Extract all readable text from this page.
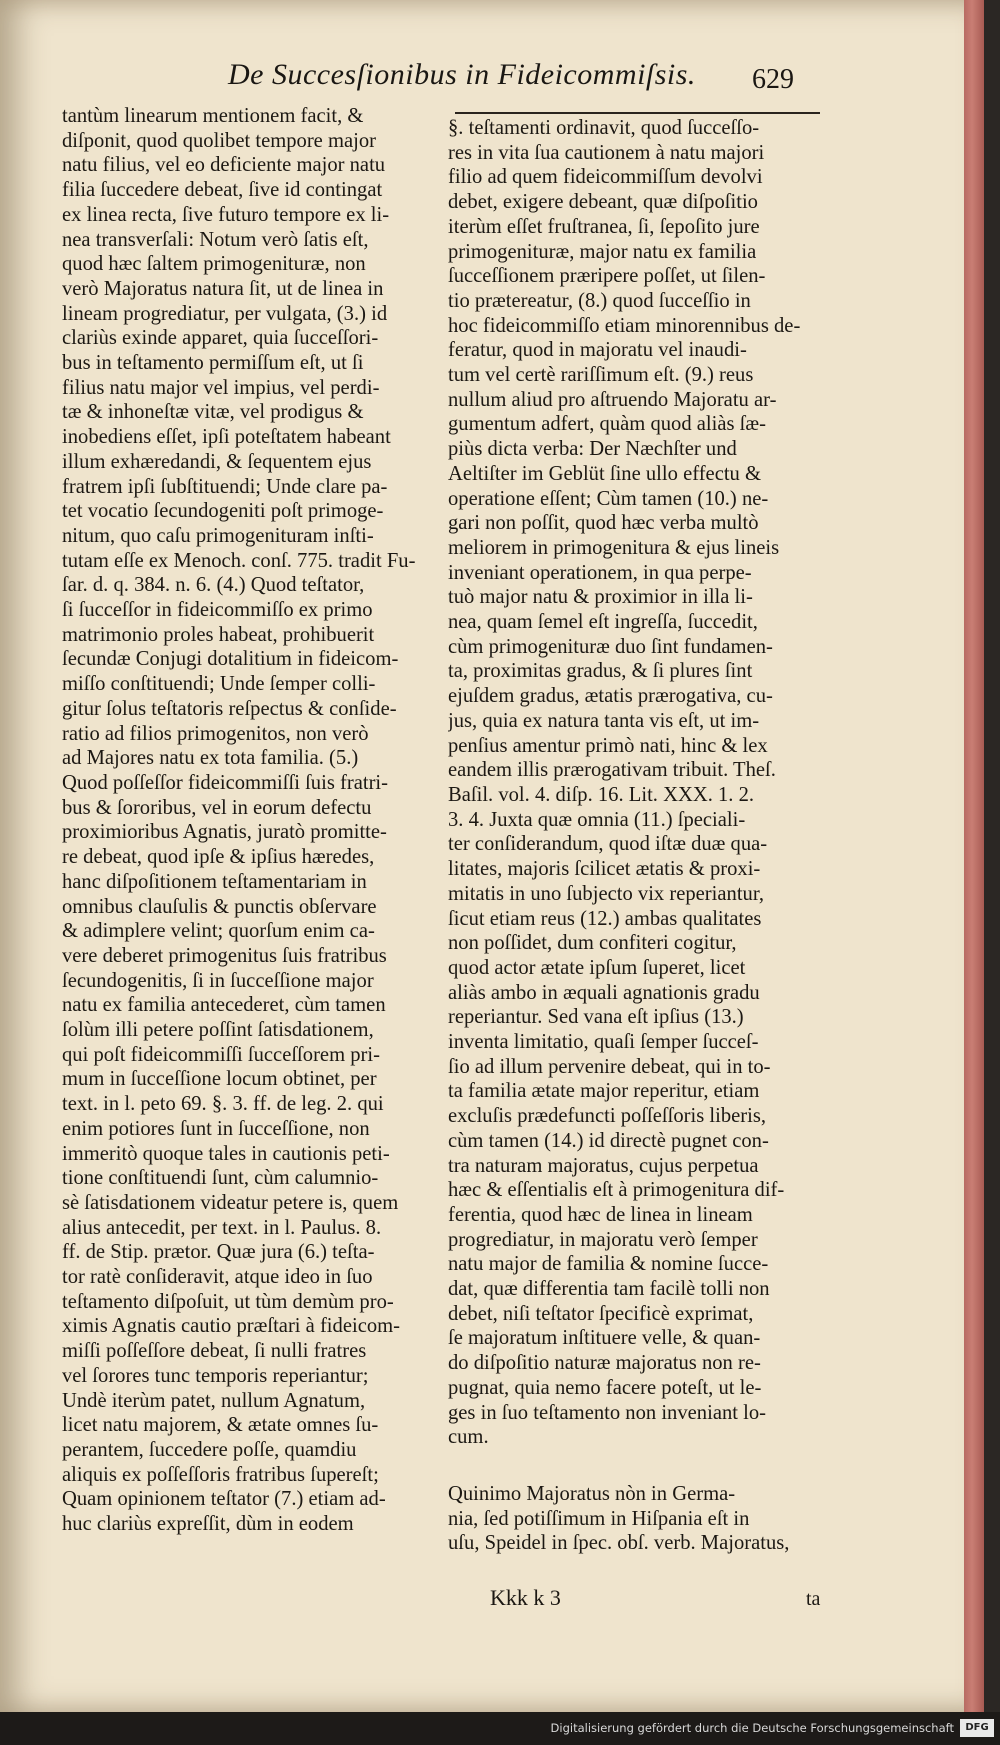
De Succesſionibus in Fideicommiſsis. 629
tantùm linearum mentionem facit, &
diſponit, quod quolibet tempore major
natu filius, vel eo deficiente major natu
filia ſuccedere debeat, ſive id contingat
ex linea recta, ſive futuro tempore ex li-
nea transverſali: Notum verò ſatis eſt,
quod hæc ſaltem primogenituræ, non
verò Majoratus natura ſit, ut de linea in
lineam progrediatur, per vulgata, (3.) id
clariùs exinde apparet, quia ſucceſſori-
bus in teſtamento permiſſum eſt, ut ſi
filius natu major vel impius, vel perdi-
tæ & inhoneſtæ vitæ, vel prodigus &
inobediens eſſet, ipſi poteſtatem habeant
illum exhæredandi, & ſequentem ejus
fratrem ipſi ſubſtituendi; Unde clare pa-
tet vocatio ſecundogeniti poſt primoge-
nitum, quo caſu primogenituram inſti-
tutam eſſe ex Menoch. conſ. 775. tradit Fu-
ſar. d. q. 384. n. 6. (4.) Quod teſtator,
ſi ſucceſſor in fideicommiſſo ex primo
matrimonio proles habeat, prohibuerit
ſecundæ Conjugi dotalitium in fideicom-
miſſo conſtituendi; Unde ſemper colli-
gitur ſolus teſtatoris reſpectus & conſide-
ratio ad filios primogenitos, non verò
ad Majores natu ex tota familia. (5.)
Quod poſſeſſor fideicommiſſi ſuis fratri-
bus & ſororibus, vel in eorum defectu
proximioribus Agnatis, juratò promitte-
re debeat, quod ipſe & ipſius hæredes,
hanc diſpoſitionem teſtamentariam in
omnibus clauſulis & punctis obſervare
& adimplere velint; quorſum enim ca-
vere deberet primogenitus ſuis fratribus
ſecundogenitis, ſi in ſucceſſione major
natu ex familia antecederet, cùm tamen
ſolùm illi petere poſſint ſatisdationem,
qui poſt fideicommiſſi ſucceſſorem pri-
mum in ſucceſſione locum obtinet, per
text. in l. peto 69. §. 3. ff. de leg. 2. qui
enim potiores ſunt in ſucceſſione, non
immeritò quoque tales in cautionis peti-
tione conſtituendi ſunt, cùm calumnio-
sè ſatisdationem videatur petere is, quem
alius antecedit, per text. in l. Paulus. 8.
ff. de Stip. prætor. Quæ jura (6.) teſta-
tor ratè conſideravit, atque ideo in ſuo
teſtamento diſpoſuit, ut tùm demùm pro-
ximis Agnatis cautio præſtari à fideicom-
miſſi poſſeſſore debeat, ſi nulli fratres
vel ſorores tunc temporis reperiantur;
Undè iterùm patet, nullum Agnatum,
licet natu majorem, & ætate omnes ſu-
perantem, ſuccedere poſſe, quamdiu
aliquis ex poſſeſſoris fratribus ſupereſt;
Quam opinionem teſtator (7.) etiam ad-
huc clariùs expreſſit, dùm in eodem
§. teſtamenti ordinavit, quod ſucceſſo-
res in vita ſua cautionem à natu majori
filio ad quem fideicommiſſum devolvi
debet, exigere debeant, quæ diſpoſitio
iterùm eſſet fruſtranea, ſi, ſepoſito jure
primogenituræ, major natu ex familia
ſucceſſionem præripere poſſet, ut ſilen-
tio prætereatur, (8.) quod ſucceſſio in
hoc fideicommiſſo etiam minorennibus de-
feratur, quod in majoratu vel inaudi-
tum vel certè rariſſimum eſt. (9.) reus
nullum aliud pro aſtruendo Majoratu ar-
gumentum adfert, quàm quod aliàs ſæ-
piùs dicta verba: Der Næchſter und
Aeltiſter im Geblüt ſine ullo effectu &
operatione eſſent; Cùm tamen (10.) ne-
gari non poſſit, quod hæc verba multò
meliorem in primogenitura & ejus lineis
inveniant operationem, in qua perpe-
tuò major natu & proximior in illa li-
nea, quam ſemel eſt ingreſſa, ſuccedit,
cùm primogenituræ duo ſint fundamen-
ta, proximitas gradus, & ſi plures ſint
ejuſdem gradus, ætatis prærogativa, cu-
jus, quia ex natura tanta vis eſt, ut im-
penſius amentur primò nati, hinc & lex
eandem illis prærogativam tribuit. Theſ.
Baſil. vol. 4. diſp. 16. Lit. XXX. 1. 2.
3. 4. Juxta quæ omnia (11.) ſpeciali-
ter conſiderandum, quod iſtæ duæ qua-
litates, majoris ſcilicet ætatis & proxi-
mitatis in uno ſubjecto vix reperiantur,
ſicut etiam reus (12.) ambas qualitates
non poſſidet, dum confiteri cogitur,
quod actor ætate ipſum ſuperet, licet
aliàs ambo in æquali agnationis gradu
reperiantur. Sed vana eſt ipſius (13.)
inventa limitatio, quaſi ſemper ſucceſ-
ſio ad illum pervenire debeat, qui in to-
ta familia ætate major reperitur, etiam
excluſis prædefuncti poſſeſſoris liberis,
cùm tamen (14.) id directè pugnet con-
tra naturam majoratus, cujus perpetua
hæc & eſſentialis eſt à primogenitura dif-
ferentia, quod hæc de linea in lineam
progrediatur, in majoratu verò ſemper
natu major de familia & nomine ſucce-
dat, quæ differentia tam facilè tolli non
debet, niſi teſtator ſpecificè exprimat,
ſe majoratum inſtituere velle, & quan-
do diſpoſitio naturæ majoratus non re-
pugnat, quia nemo facere poteſt, ut le-
ges in ſuo teſtamento non inveniant lo-
cum.
Quinimo Majoratus nòn in Germa-
nia, ſed potiſſimum in Hiſpania eſt in
uſu, Speidel in ſpec. obſ. verb. Majoratus,
Kkk k 3	ta
Digitalisierung gefördert durch die Deutsche Forschungsgemeinschaft	DFG
